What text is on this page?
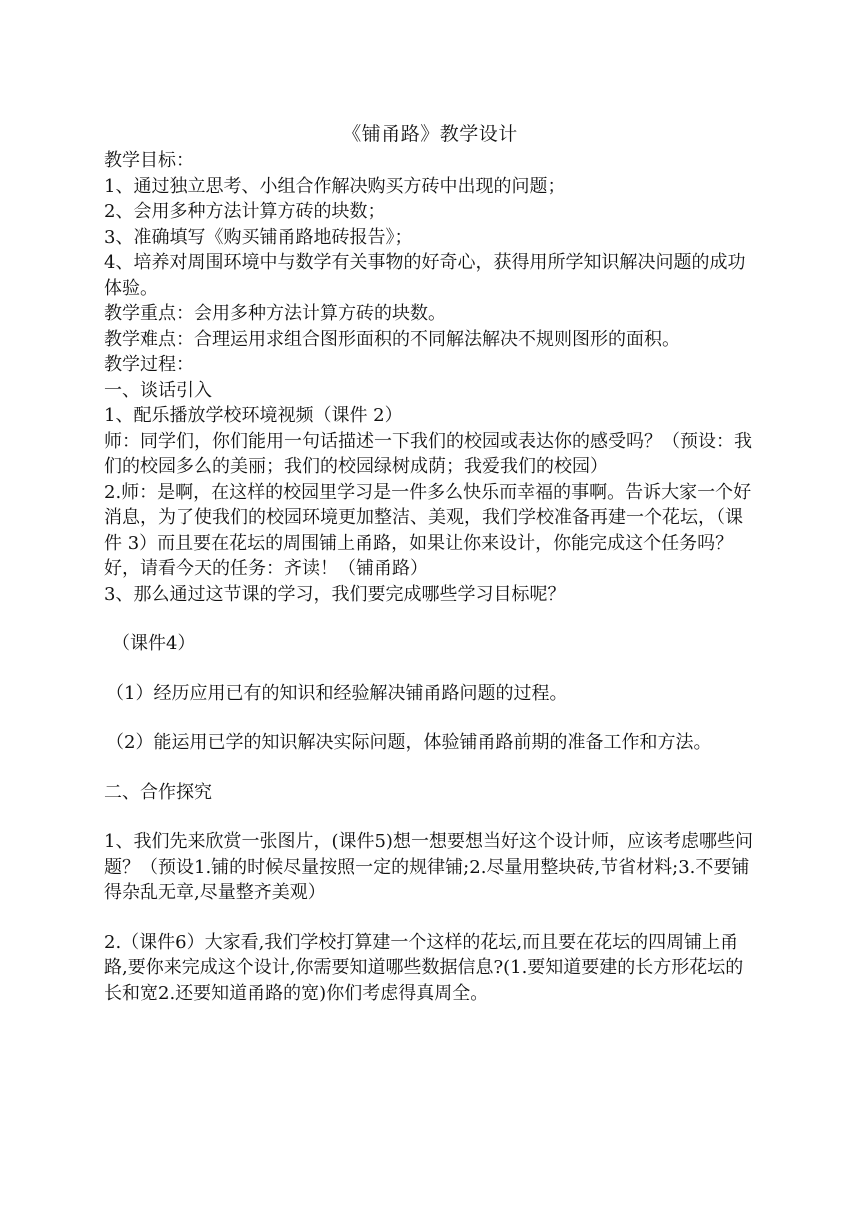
《铺甬路》教学设计
教学目标：
1、通过独立思考、小组合作解决购买方砖中出现的问题；
2、会用多种方法计算方砖的块数；
3、准确填写《购买铺甬路地砖报告》；
4、培养对周围环境中与数学有关事物的好奇心，获得用所学知识解决问题的成功体验。
教学重点：会用多种方法计算方砖的块数。
教学难点：合理运用求组合图形面积的不同解法解决不规则图形的面积。
教学过程：
一、谈话引入
1、配乐播放学校环境视频（课件 2）
师：同学们，你们能用一句话描述一下我们的校园或表达你的感受吗？（预设：我们的校园多么的美丽；我们的校园绿树成荫；我爱我们的校园）
2.师：是啊，在这样的校园里学习是一件多么快乐而幸福的事啊。告诉大家一个好消息，为了使我们的校园环境更加整洁、美观，我们学校准备再建一个花坛，（课件 3）而且要在花坛的周围铺上甬路，如果让你来设计，你能完成这个任务吗？好，请看今天的任务：齐读！（铺甬路）
3、那么通过这节课的学习，我们要完成哪些学习目标呢？
（课件4）
（1）经历应用已有的知识和经验解决铺甬路问题的过程。
（2）能运用已学的知识解决实际问题，体验铺甬路前期的准备工作和方法。
二、合作探究
1、我们先来欣赏一张图片，(课件5)想一想要想当好这个设计师，应该考虑哪些问题？（预设1.铺的时候尽量按照一定的规律铺;2.尽量用整块砖,节省材料;3.不要铺得杂乱无章,尽量整齐美观）
2.（课件6）大家看,我们学校打算建一个这样的花坛,而且要在花坛的四周铺上甬路,要你来完成这个设计,你需要知道哪些数据信息?(1.要知道要建的长方形花坛的长和宽2.还要知道甬路的宽)你们考虑得真周全。
